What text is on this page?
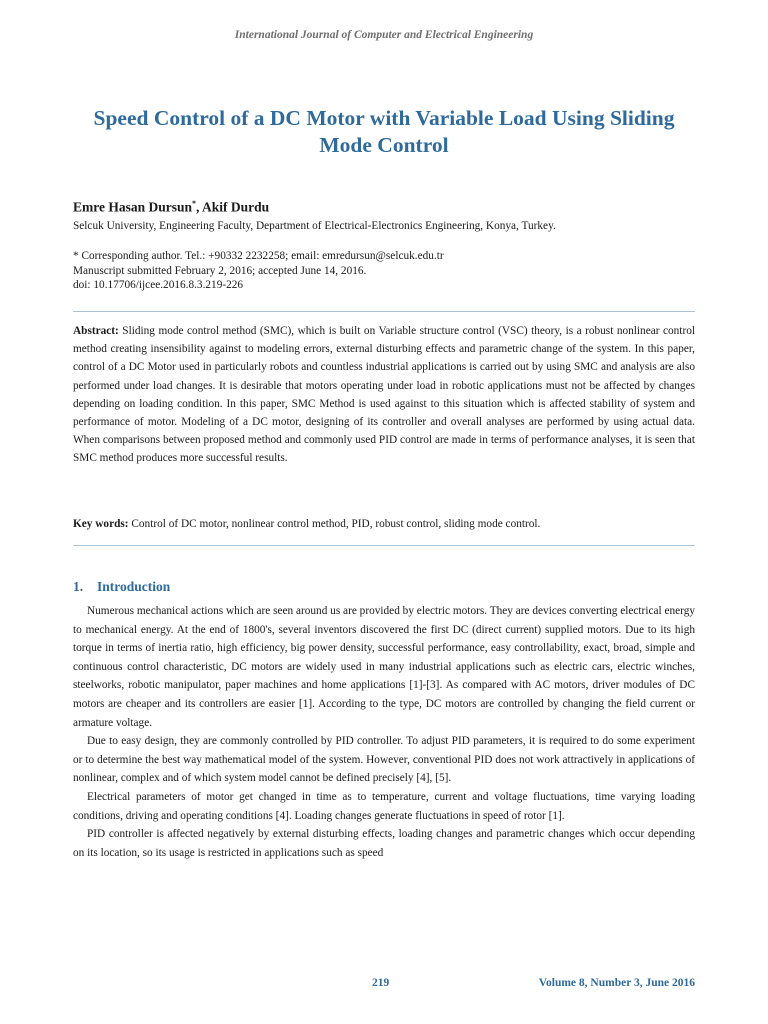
International Journal of Computer and Electrical Engineering
Speed Control of a DC Motor with Variable Load Using Sliding Mode Control
Emre Hasan Dursun*, Akif Durdu
Selcuk University, Engineering Faculty, Department of Electrical-Electronics Engineering, Konya, Turkey.
* Corresponding author. Tel.: +90332 2232258; email: emredursun@selcuk.edu.tr
Manuscript submitted February 2, 2016; accepted June 14, 2016.
doi: 10.17706/ijcee.2016.8.3.219-226
Abstract: Sliding mode control method (SMC), which is built on Variable structure control (VSC) theory, is a robust nonlinear control method creating insensibility against to modeling errors, external disturbing effects and parametric change of the system. In this paper, control of a DC Motor used in particularly robots and countless industrial applications is carried out by using SMC and analysis are also performed under load changes. It is desirable that motors operating under load in robotic applications must not be affected by changes depending on loading condition. In this paper, SMC Method is used against to this situation which is affected stability of system and performance of motor. Modeling of a DC motor, designing of its controller and overall analyses are performed by using actual data. When comparisons between proposed method and commonly used PID control are made in terms of performance analyses, it is seen that SMC method produces more successful results.
Key words: Control of DC motor, nonlinear control method, PID, robust control, sliding mode control.
1. Introduction

Numerous mechanical actions which are seen around us are provided by electric motors. They are devices converting electrical energy to mechanical energy. At the end of 1800's, several inventors discovered the first DC (direct current) supplied motors. Due to its high torque in terms of inertia ratio, high efficiency, big power density, successful performance, easy controllability, exact, broad, simple and continuous control characteristic, DC motors are widely used in many industrial applications such as electric cars, electric winches, steelworks, robotic manipulator, paper machines and home applications [1]-[3]. As compared with AC motors, driver modules of DC motors are cheaper and its controllers are easier [1]. According to the type, DC motors are controlled by changing the field current or armature voltage.

Due to easy design, they are commonly controlled by PID controller. To adjust PID parameters, it is required to do some experiment or to determine the best way mathematical model of the system. However, conventional PID does not work attractively in applications of nonlinear, complex and of which system model cannot be defined precisely [4], [5].

Electrical parameters of motor get changed in time as to temperature, current and voltage fluctuations, time varying loading conditions, driving and operating conditions [4]. Loading changes generate fluctuations in speed of rotor [1].

PID controller is affected negatively by external disturbing effects, loading changes and parametric changes which occur depending on its location, so its usage is restricted in applications such as speed

219	Volume 8, Number 3, June 2016
